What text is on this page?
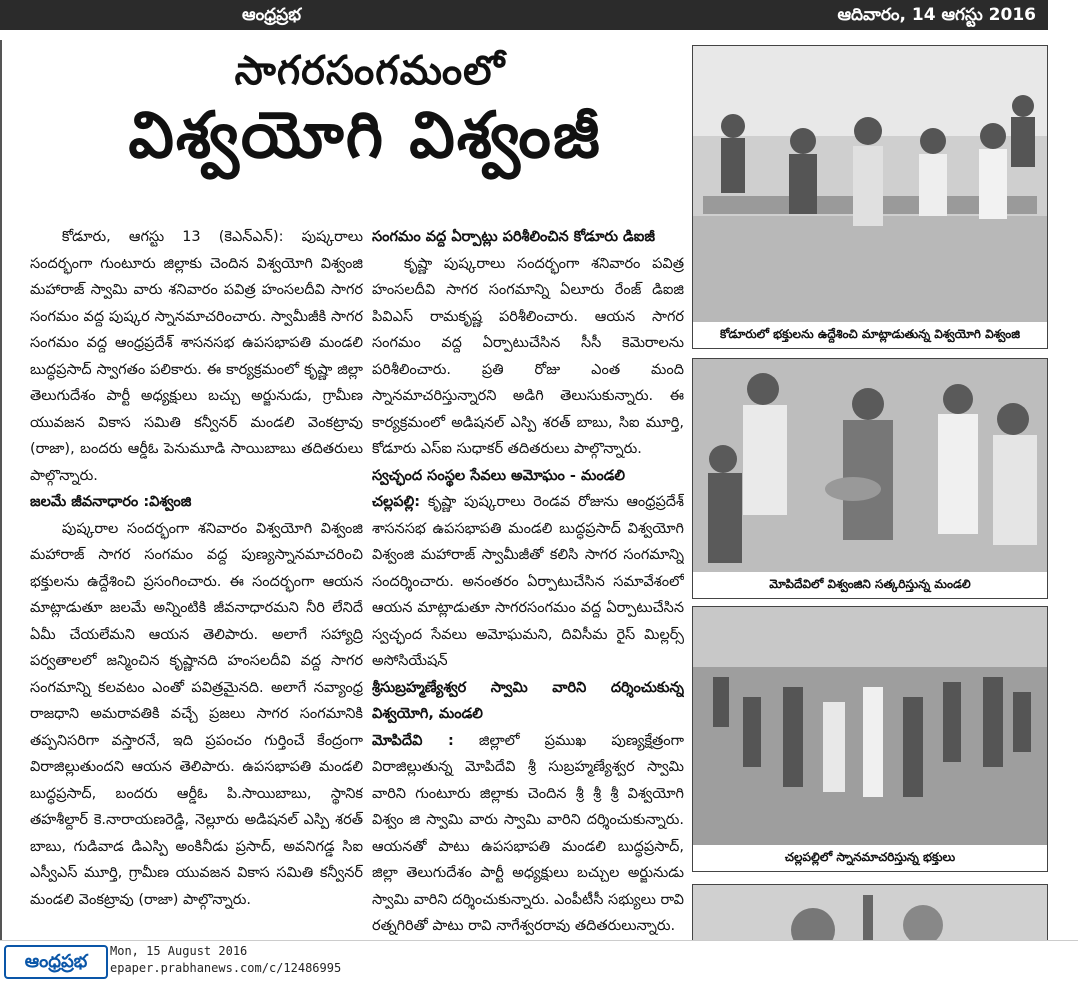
ఆంధ్రప్రభ	ఆదివారం, 14 ఆగస్టు 2016
సాగరసంగమంలో
విశ్వయోగి విశ్వంజీ

కోడూరు, ఆగస్టు 13 (కెఎన్ఎన్): పుష్కరాలు సందర్భంగా గుంటూరు జిల్లాకు చెందిన విశ్వయోగి విశ్వంజి మహారాజ్ స్వామి వారు శనివారం పవిత్ర హంసలదీవి సాగర సంగమం వద్ద పుష్కర స్నానమాచరించారు. స్వామీజీకి సాగర సంగమం వద్ద ఆంధ్రప్రదేశ్ శాసనసభ ఉపసభాపతి మండలి బుద్ధప్రసాద్ స్వాగతం పలికారు. ఈ కార్యక్రమంలో కృష్ణా జిల్లా తెలుగుదేశం పార్టీ అధ్యక్షులు బచ్చు అర్జునుడు, గ్రామీణ యువజన వికాస సమితి కన్వీనర్ మండలి వెంకట్రావు (రాజా), బందరు ఆర్డీఓ పెనుమూడి సాయిబాబు తదితరులు పాల్గొన్నారు.

జలమే జీవనాధారం :విశ్వంజి

పుష్కరాల సందర్భంగా శనివారం విశ్వయోగి విశ్వంజి మహారాజ్ సాగర సంగమం వద్ద పుణ్యస్నానమాచరించి భక్తులను ఉద్దేశించి ప్రసంగించారు. ఈ సందర్భంగా ఆయన మాట్లాడుతూ జలమే అన్నింటికి జీవనాధారమని నీరి లేనిదే ఏమీ చేయలేమని ఆయన తెలిపారు. అలాగే సహ్యాద్రి పర్వతాలలో జన్మించిన కృష్ణానది హంసలదీవి వద్ద సాగర సంగమాన్ని కలవటం ఎంతో పవిత్రమైనది. అలాగే నవ్యాంధ్ర రాజధాని అమరావతికి వచ్చే ప్రజలు సాగర సంగమానికి తప్పనిసరిగా వస్తారనే, ఇది ప్రపంచం గుర్తించే కేంద్రంగా విరాజిల్లుతుందని ఆయన తెలిపారు. ఉపసభాపతి మండలి బుద్ధప్రసాద్, బందరు ఆర్డీఓ పి.సాయిబాబు, స్థానిక తహశీల్దార్ కె.నారాయణరెడ్డి, నెల్లూరు అడిషనల్ ఎస్పి శరత్ బాబు, గుడివాడ డిఎస్పి అంకినీడు ప్రసాద్, అవనిగడ్డ సిఐ ఎస్వీఎస్ మూర్తి, గ్రామీణ యువజన వికాస సమితి కన్వీనర్ మండలి వెంకట్రావు (రాజా) పాల్గొన్నారు.

సంగమం వద్ద ఏర్పాట్లు పరిశీలించిన కోడూరు డిఐజీ

కృష్ణా పుష్కరాలు సందర్భంగా శనివారం పవిత్ర హంసలదీవి సాగర సంగమాన్ని ఏలూరు రేంజ్ డిఐజి పివిఎస్ రామకృష్ణ పరిశీలించారు. ఆయన సాగర సంగమం వద్ద ఏర్పాటుచేసిన సీసీ కెమెరాలను పరిశీలించారు. ప్రతి రోజు ఎంత మంది స్నానమాచరిస్తున్నారని అడిగి తెలుసుకున్నారు. ఈ కార్యక్రమంలో అడిషనల్ ఎస్పి శరత్ బాబు, సిఐ మూర్తి, కోడూరు ఎస్ఐ సుధాకర్ తదితరులు పాల్గొన్నారు.

స్వచ్ఛంద సంస్థల సేవలు అమోఘం - మండలి

చల్లపల్లి: కృష్ణా పుష్కరాలు రెండవ రోజును ఆంధ్రప్రదేశ్ శాసనసభ ఉపసభాపతి మండలి బుద్ధప్రసాద్ విశ్వయోగి విశ్వంజి మహారాజ్ స్వామీజీతో కలిసి సాగర సంగమాన్ని సందర్శించారు. అనంతరం ఏర్పాటుచేసిన సమావేశంలో ఆయన మాట్లాడుతూ సాగరసంగమం వద్ద ఏర్పాటుచేసిన స్వచ్ఛంద సేవలు అమోఘమని, దివిసీమ రైస్ మిల్లర్స్ అసోసియేషన్

శ్రీసుబ్రహ్మణ్యేశ్వర స్వామి వారిని దర్శించుకున్న విశ్వయోగి, మండలి

మోపిదేవి : జిల్లాలో ప్రముఖ పుణ్యక్షేత్రంగా విరాజిల్లుతున్న మోపిదేవి శ్రీ సుబ్రహ్మణ్యేశ్వర స్వామి వారిని గుంటూరు జిల్లాకు చెందిన శ్రీ శ్రీ శ్రీ విశ్వయోగి విశ్వం జి స్వామి వారు స్వామి వారిని దర్శించుకున్నారు. ఆయనతో పాటు ఉపసభాపతి మండలి బుద్ధప్రసాద్, జిల్లా తెలుగుదేశం పార్టీ అధ్యక్షులు బచ్చుల అర్జునుడు స్వామి వారిని దర్శించుకున్నారు. ఎంపీటీసీ సభ్యులు రావి రత్నగిరితో పాటు రావి నాగేశ్వరరావు తదితరులున్నారు.

కోడూరులో భక్తులను ఉద్దేశించి మాట్లాడుతున్న విశ్వయోగి విశ్వంజి
మోపిదేవిలో విశ్వంజిని సత్కరిస్తున్న మండలి
చల్లపల్లిలో స్నానమాచరిస్తున్న భక్తులు
ఆంధ్రప్రభ	Mon, 15 August 2016
epaper.prabhanews.com/c/12486995
